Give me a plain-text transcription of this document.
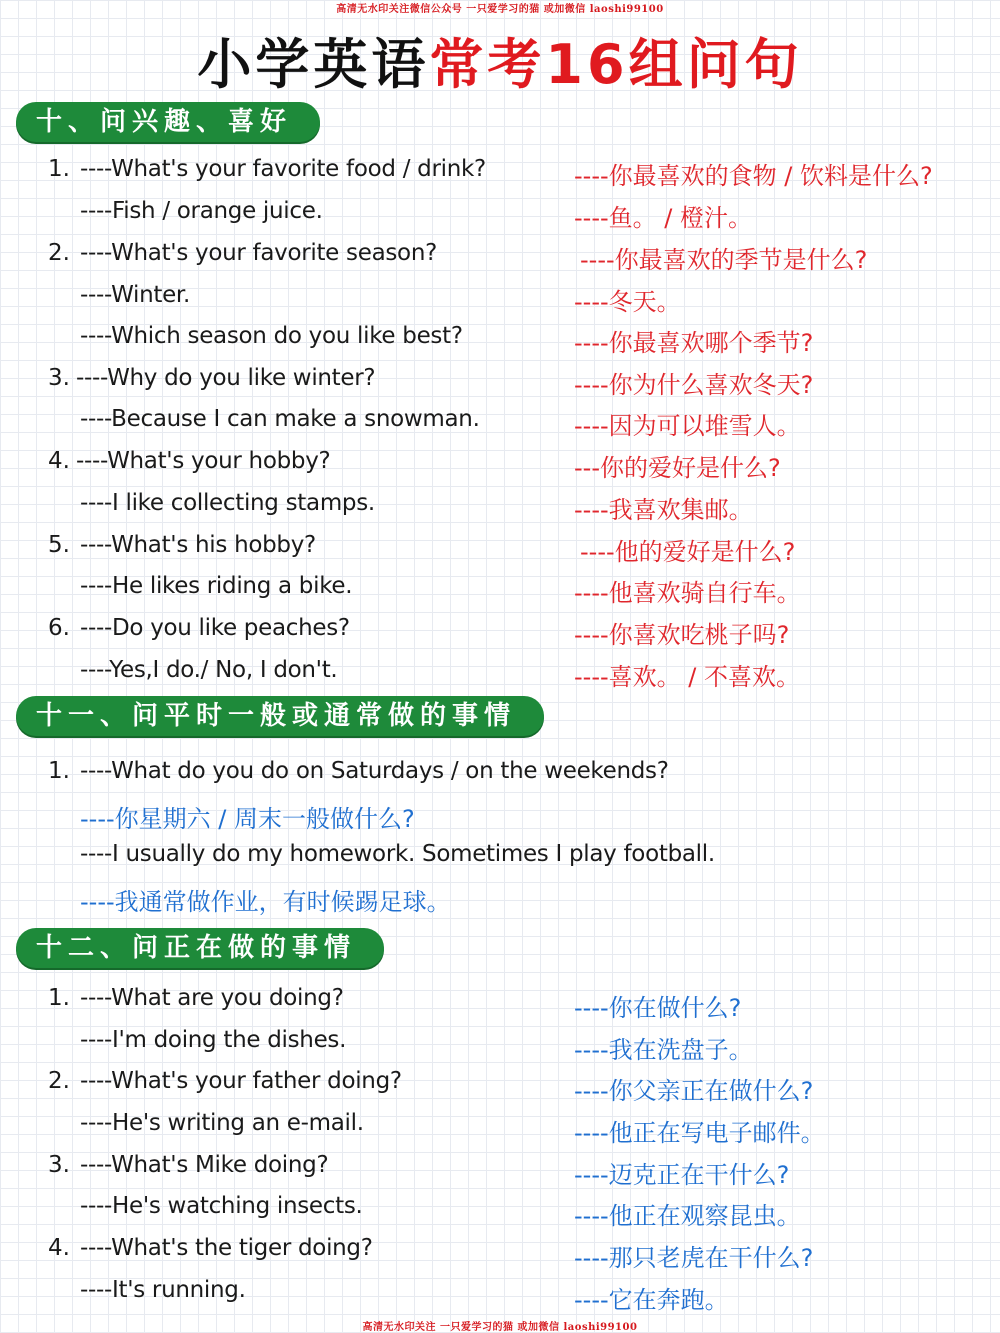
高清无水印关注微信公众号 一只爱学习的猫 或加微信 laoshi99100
小学英语常考16组问句
十、问兴趣、喜好
1. ----What's your favorite food / drink?	----你最喜欢的食物 / 饮料是什么?
----Fish / orange juice.	----鱼。 / 橙汁。
2. ----What's your favorite season?	----你最喜欢的季节是什么?
----Winter.	----冬天。
----Which season do you like best?	----你最喜欢哪个季节?
3. ----Why do you like winter?	----你为什么喜欢冬天?
----Because I can make a snowman.	----因为可以堆雪人。
4. ----What's your hobby?	---你的爱好是什么?
----I like collecting stamps.	----我喜欢集邮。
5. ----What's his hobby?	----他的爱好是什么?
----He likes riding a bike.	----他喜欢骑自行车。
6. ----Do you like peaches?	----你喜欢吃桃子吗?
----Yes,I do./ No, I don't.	----喜欢。 / 不喜欢。
十一、问平时一般或通常做的事情
1. ----What do you do on Saturdays / on the weekends?
----你星期六 / 周末一般做什么?
----I usually do my homework. Sometimes I play football.
----我通常做作业，有时候踢足球。
十二、问正在做的事情
1. ----What are you doing?	----你在做什么?
----I'm doing the dishes.	----我在洗盘子。
2. ----What's your father doing?	----你父亲正在做什么?
----He's writing an e-mail.	----他正在写电子邮件。
3. ----What's Mike doing?	----迈克正在干什么?
----He's watching insects.	----他正在观察昆虫。
4. ----What's the tiger doing?	----那只老虎在干什么?
----It's running.	----它在奔跑。
高清无水印关注 一只爱学习的猫 或加微信 laoshi99100
